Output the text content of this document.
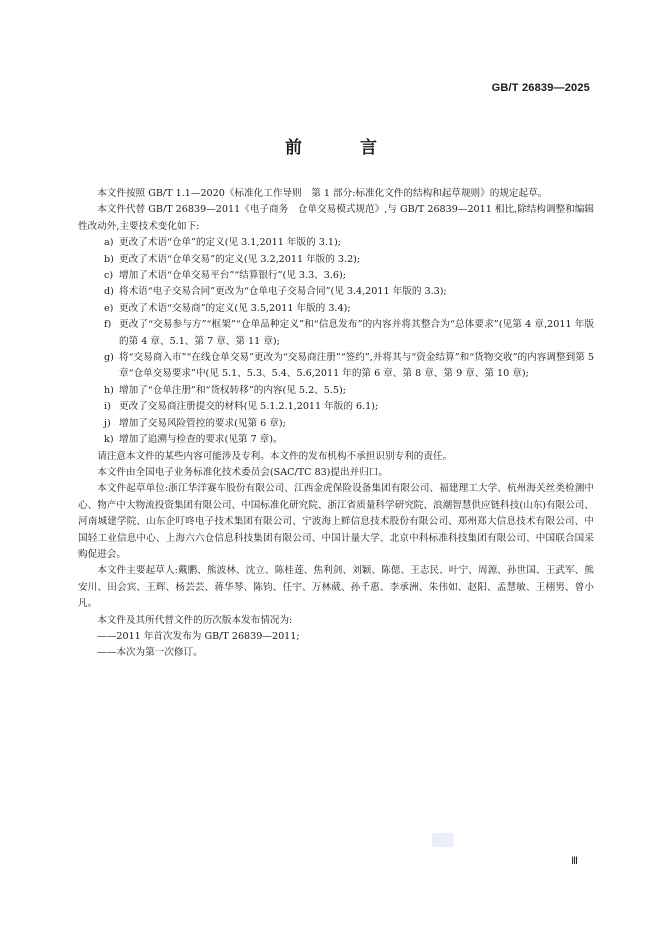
GB/T 26839—2025
前 言

本文件按照 GB/T 1.1—2020《标准化工作导则　第 1 部分:标准化文件的结构和起草规则》的规定起草。

本文件代替 GB/T 26839—2011《电子商务　仓单交易模式规范》,与 GB/T 26839—2011 相比,除结构调整和编辑性改动外,主要技术变化如下:

a) 更改了术语“仓单”的定义(见 3.1,2011 年版的 3.1);
b) 更改了术语“仓单交易”的定义(见 3.2,2011 年版的 3.2);
c) 增加了术语“仓单交易平台”“结算银行”(见 3.3、3.6);
d) 将术语“电子交易合同”更改为“仓单电子交易合同”(见 3.4,2011 年版的 3.3);
e) 更改了术语“交易商”的定义(见 3.5,2011 年版的 3.4);
f) 更改了“交易参与方”“框架”“仓单品种定义”和“信息发布”的内容并将其整合为“总体要求”(见第 4 章,2011 年版的第 4 章、5.1、第 7 章、第 11 章);
g) 将“交易商入市”“在线仓单交易”更改为“交易商注册”“签约”,并将其与“资金结算”和“货物交收”的内容调整到第 5 章“仓单交易要求”中(见 5.1、5.3、5.4、5.6,2011 年的第 6 章、第 8 章、第 9 章、第 10 章);
h) 增加了“仓单注册”和“货权转移”的内容(见 5.2、5.5);
i) 更改了交易商注册提交的材料(见 5.1.2.1,2011 年版的 6.1);
j) 增加了交易风险管控的要求(见第 6 章);
k) 增加了追溯与检查的要求(见第 7 章)。

请注意本文件的某些内容可能涉及专利。本文件的发布机构不承担识别专利的责任。

本文件由全国电子业务标准化技术委员会(SAC/TC 83)提出并归口。

本文件起草单位:浙江华洋赛车股份有限公司、江西金虎保险设备集团有限公司、福建理工大学、杭州海关丝类检测中心、物产中大物流投资集团有限公司、中国标准化研究院、浙江省质量科学研究院、浪潮智慧供应链科技(山东)有限公司、河南城建学院、山东企叮咚电子技术集团有限公司、宁波海上鲜信息技术股份有限公司、郑州郑大信息技术有限公司、中国轻工业信息中心、上海六六仓信息科技集团有限公司、中国计量大学、北京中科标准科技集团有限公司、中国联合国采购促进会。

本文件主要起草人:戴鹏、熊波林、沈立、陈桂莲、焦利剑、刘颖、陈偲、王志民、叶宁、周源、孙世国、王武军、熊安川、田会宾、王辉、杨芸芸、蒋华琴、陈钧、任宇、万林葳、孙千惠、李承洲、朱伟如、赵阳、孟慧敏、王栩男、曾小凡。

本文件及其所代替文件的历次版本发布情况为:

——2011 年首次发布为 GB/T 26839—2011;

——本次为第一次修订。

Ⅲ
